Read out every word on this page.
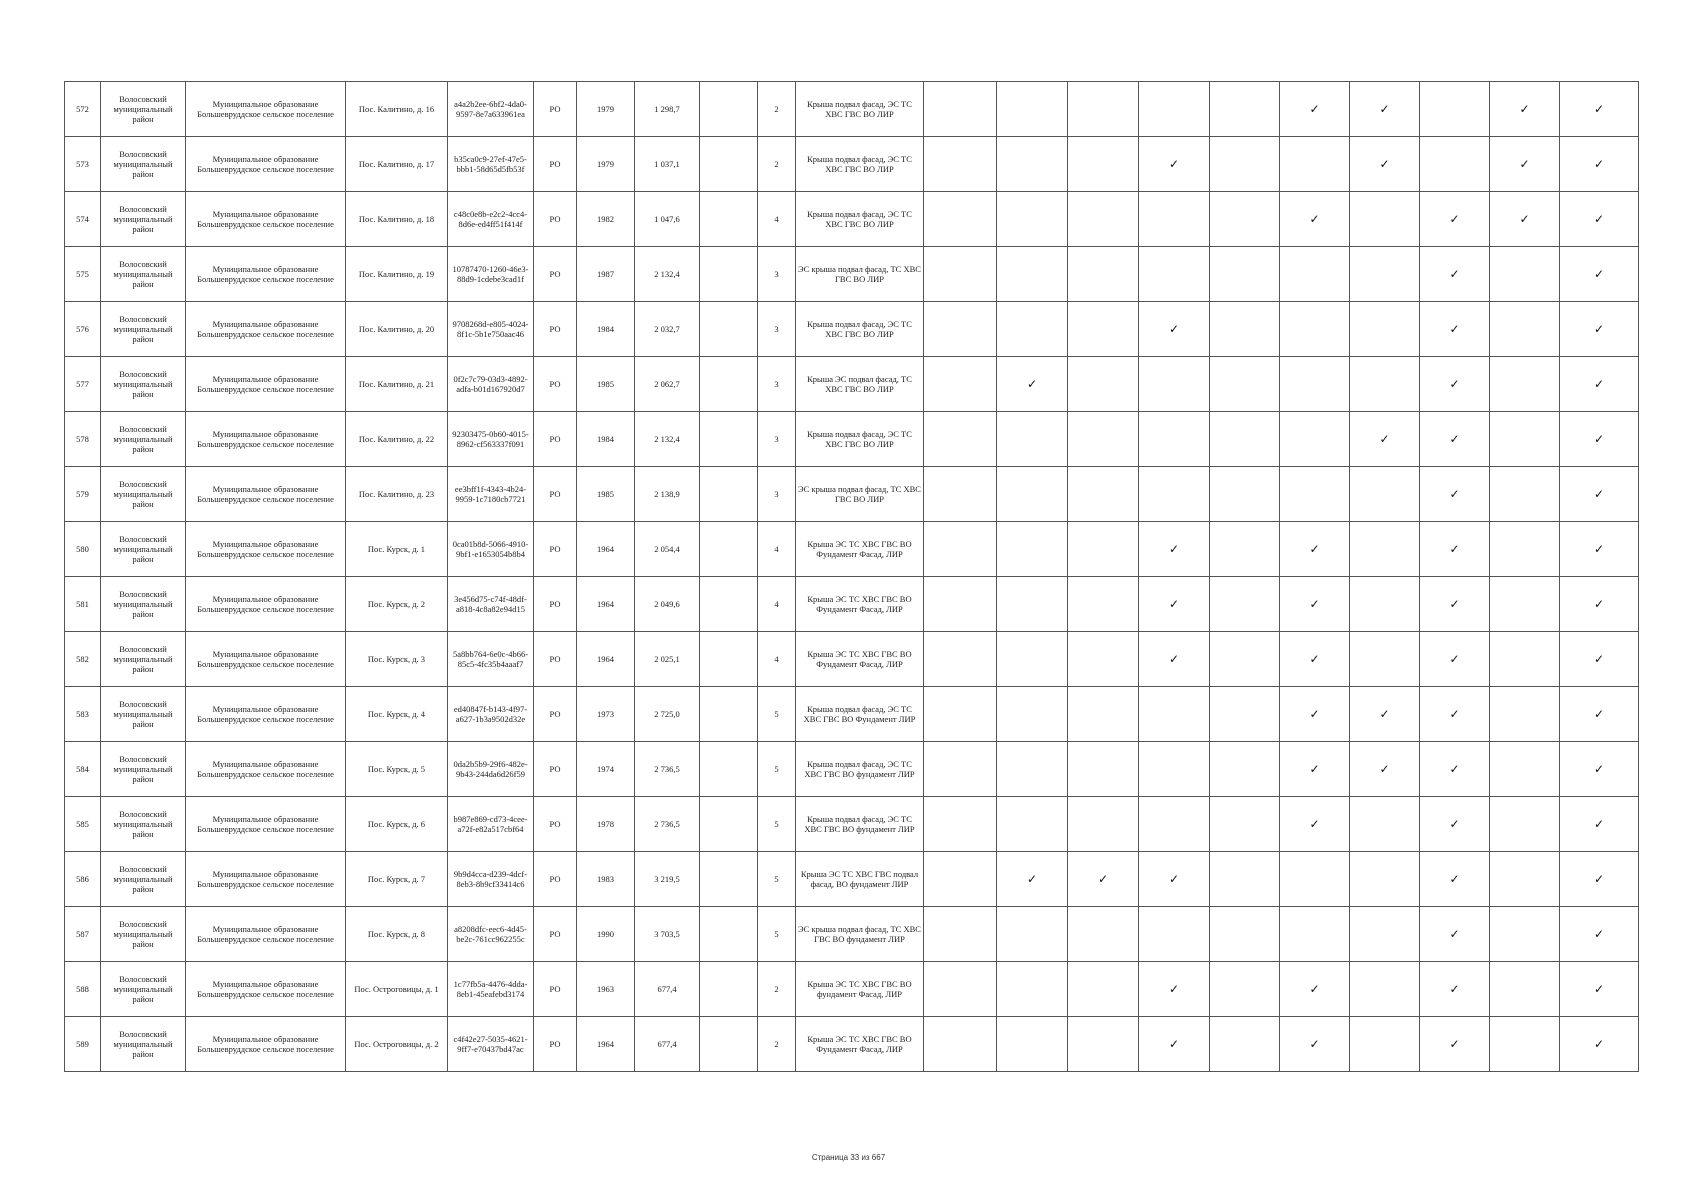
572	Волосовский муниципальный район	Муниципальное образование Большевруддское сельское поселение	Пос. Калитино, д. 16	a4a2b2ee-6bf2-4da0-9597-8e7a633961ea	РО	1979	1 298,7		2	Крыша подвал фасад, ЭС ТС ХВС ГВС ВО ЛИР						✓	✓		✓	✓
573	Волосовский муниципальный район	Муниципальное образование Большевруддское сельское поселение	Пос. Калитино, д. 17	b35ca0c9-27ef-47e5-bbb1-58d65d5fb53f	РО	1979	1 037,1		2	Крыша подвал фасад, ЭС ТС ХВС ГВС ВО ЛИР				✓			✓		✓	✓
574	Волосовский муниципальный район	Муниципальное образование Большевруддское сельское поселение	Пос. Калитино, д. 18	c48c0e8b-e2c2-4cc4-8d6e-ed4ff51f414f	РО	1982	1 047,6		4	Крыша подвал фасад, ЭС ТС ХВС ГВС ВО ЛИР						✓		✓	✓	✓
575	Волосовский муниципальный район	Муниципальное образование Большевруддское сельское поселение	Пос. Калитино, д. 19	10787470-1260-46e3-88d9-1cdebe3cad1f	РО	1987	2 132,4		3	ЭС крыша подвал фасад, ТС ХВС ГВС ВО ЛИР								✓		✓
576	Волосовский муниципальный район	Муниципальное образование Большевруддское сельское поселение	Пос. Калитино, д. 20	9708268d-e805-4024-8f1c-5b1e750aac46	РО	1984	2 032,7		3	Крыша подвал фасад, ЭС ТС ХВС ГВС ВО ЛИР				✓				✓		✓
577	Волосовский муниципальный район	Муниципальное образование Большевруддское сельское поселение	Пос. Калитино, д. 21	0f2c7c79-03d3-4892-adfa-b01d167920d7	РО	1985	2 062,7		3	Крыша ЭС подвал фасад, ТС ХВС ГВС ВО ЛИР		✓						✓		✓
578	Волосовский муниципальный район	Муниципальное образование Большевруддское сельское поселение	Пос. Калитино, д. 22	92303475-0b60-4015-8962-cf563337f091	РО	1984	2 132,4		3	Крыша подвал фасад, ЭС ТС ХВС ГВС ВО ЛИР							✓	✓		✓
579	Волосовский муниципальный район	Муниципальное образование Большевруддское сельское поселение	Пос. Калитино, д. 23	ee3bff1f-4343-4b24-9959-1c7180cb7721	РО	1985	2 138,9		3	ЭС крыша подвал фасад, ТС ХВС ГВС ВО ЛИР								✓		✓
580	Волосовский муниципальный район	Муниципальное образование Большевруддское сельское поселение	Пос. Курск, д. 1	0ca01b8d-5066-4910-9bf1-e1653054b8b4	РО	1964	2 054,4		4	Крыша ЭС ТС ХВС ГВС ВО Фундамент Фасад, ЛИР				✓		✓		✓		✓
581	Волосовский муниципальный район	Муниципальное образование Большевруддское сельское поселение	Пос. Курск, д. 2	3e456d75-c74f-48df-a818-4c8a82e94d15	РО	1964	2 049,6		4	Крыша ЭС ТС ХВС ГВС ВО Фундамент Фасад, ЛИР				✓		✓		✓		✓
582	Волосовский муниципальный район	Муниципальное образование Большевруддское сельское поселение	Пос. Курск, д. 3	5a8bb764-6e0c-4b66-85c5-4fc35b4aaaf7	РО	1964	2 025,1		4	Крыша ЭС ТС ХВС ГВС ВО Фундамент Фасад, ЛИР				✓		✓		✓		✓
583	Волосовский муниципальный район	Муниципальное образование Большевруддское сельское поселение	Пос. Курск, д. 4	ed40847f-b143-4f97-a627-1b3a9502d32e	РО	1973	2 725,0		5	Крыша подвал фасад, ЭС ТС ХВС ГВС ВО Фундамент ЛИР						✓	✓	✓		✓
584	Волосовский муниципальный район	Муниципальное образование Большевруддское сельское поселение	Пос. Курск, д. 5	0da2b5b9-29f6-482e-9b43-244da6d26f59	РО	1974	2 736,5		5	Крыша подвал фасад, ЭС ТС ХВС ГВС ВО фундамент ЛИР						✓	✓	✓		✓
585	Волосовский муниципальный район	Муниципальное образование Большевруддское сельское поселение	Пос. Курск, д. 6	b987e869-cd73-4cee-a72f-e82a517cbf64	РО	1978	2 736,5		5	Крыша подвал фасад, ЭС ТС ХВС ГВС ВО фундамент ЛИР						✓		✓		✓
586	Волосовский муниципальный район	Муниципальное образование Большевруддское сельское поселение	Пос. Курск, д. 7	9b9d4cca-d239-4dcf-8eb3-8b9cf33414c6	РО	1983	3 219,5		5	Крыша ЭС ТС ХВС ГВС подвал фасад, ВО фундамент ЛИР		✓	✓	✓				✓		✓
587	Волосовский муниципальный район	Муниципальное образование Большевруддское сельское поселение	Пос. Курск, д. 8	a8208dfc-eec6-4d45-be2c-761cc962255c	РО	1990	3 703,5		5	ЭС крыша подвал фасад, ТС ХВС ГВС ВО фундамент ЛИР								✓		✓
588	Волосовский муниципальный район	Муниципальное образование Большевруддское сельское поселение	Пос. Остроговицы, д. 1	1c77fb5a-4476-4dda-8eb1-45eafebd3174	РО	1963	677,4		2	Крыша ЭС ТС ХВС ГВС ВО фундамент Фасад, ЛИР				✓		✓		✓		✓
589	Волосовский муниципальный район	Муниципальное образование Большевруддское сельское поселение	Пос. Остроговицы, д. 2	c4f42e27-5035-4621-9ff7-e70437bd47ac	РО	1964	677,4		2	Крыша ЭС ТС ХВС ГВС ВО Фундамент Фасад, ЛИР				✓		✓		✓		✓
Страница 33 из 667
